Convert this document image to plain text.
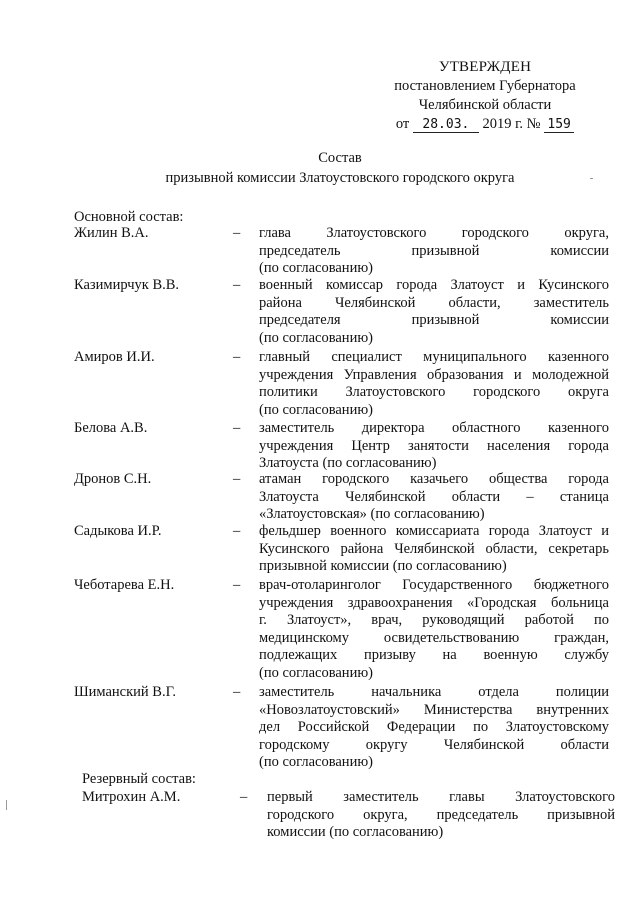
УТВЕРЖДЕН
постановлением Губернатора
Челябинской области
от 28.03. 2019 г. № 159
Состав
призывной комиссии Златоустовского городского округа
Основной состав:
Резервный состав:
Жилин В.А.	– глава Златоустовского городского округа,
председатель призывной комиссии
(по согласованию)
Казимирчук В.В.	– военный комиссар города Златоуст и Кусинского
района Челябинской области, заместитель
председателя призывной комиссии
(по согласованию)
Амиров И.И.	– главный специалист муниципального казенного
учреждения Управления образования и молодежной
политики Златоустовского городского округа
(по согласованию)
Белова А.В.	– заместитель директора областного казенного
учреждения Центр занятости населения города
Златоуста (по согласованию)
Дронов С.Н.	– атаман городского казачьего общества города
Златоуста Челябинской области – станица
«Златоустовская» (по согласованию)
Садыкова И.Р.	– фельдшер военного комиссариата города Златоуст и
Кусинского района Челябинской области, секретарь
призывной комиссии (по согласованию)
Чеботарева Е.Н.	– врач-отоларинголог Государственного бюджетного
учреждения здравоохранения «Городская больница
г. Златоуст», врач, руководящий работой по
медицинскому освидетельствованию граждан,
подлежащих призыву на военную службу
(по согласованию)
Шиманский В.Г.	– заместитель начальника отдела полиции
«Новозлатоустовский» Министерства внутренних
дел Российской Федерации по Златоустовскому
городскому округу Челябинской области
(по согласованию)
Митрохин А.М.	– первый заместитель главы Златоустовского
городского округа, председатель призывной
комиссии (по согласованию)
